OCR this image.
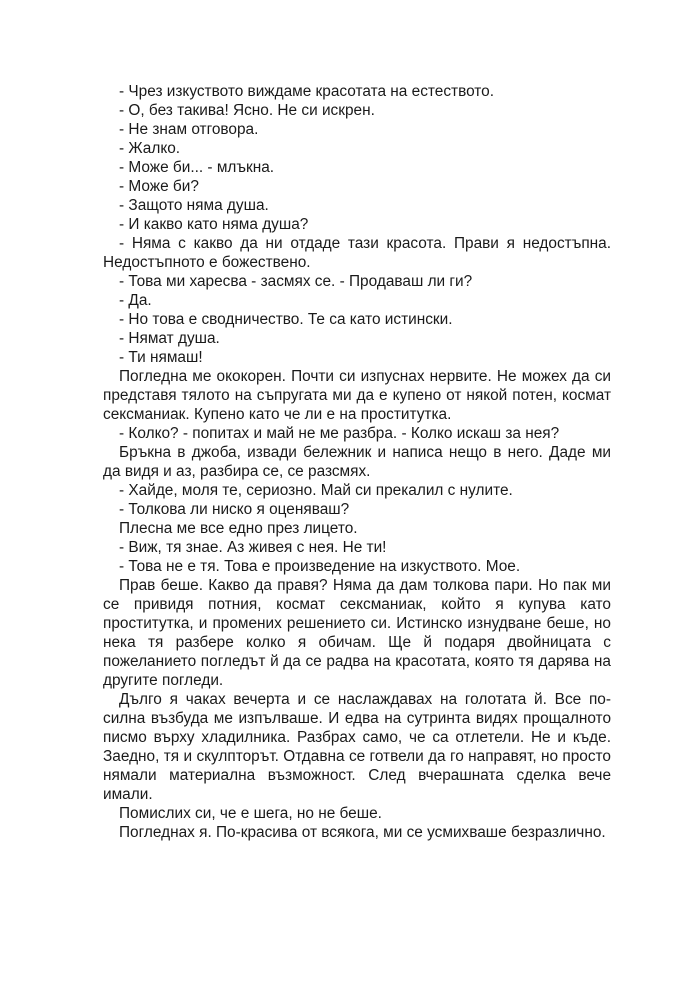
- Чрез изкуството виждаме красотата на естеството.

- О, без такива! Ясно. Не си искрен.

- Не знам отговора.

- Жалко.

- Може би... - млъкна.

- Може би?

- Защото няма душа.

- И какво като няма душа?

- Няма с какво да ни отдаде тази красота. Прави я недостъпна. Недостъпното е божествено.

- Това ми харесва - засмях се. - Продаваш ли ги?

- Да.

- Но това е сводничество. Те са като истински.

- Нямат душа.

- Ти нямаш!

Погледна ме ококорен. Почти си изпуснах нервите. Не можех да си представя тялото на съпругата ми да е купено от някой потен, космат сексманиак. Купено като че ли е на проститутка.

- Колко? - попитах и май не ме разбра. - Колко искаш за нея?

Бръкна в джоба, извади бележник и написа нещо в него. Даде ми да видя и аз, разбира се, се разсмях.

- Хайде, моля те, сериозно. Май си прекалил с нулите.

- Толкова ли ниско я оценяваш?

Плесна ме все едно през лицето.

- Виж, тя знае. Аз живея с нея. Не ти!

- Това не е тя. Това е произведение на изкуството. Мое.

Прав беше. Какво да правя? Няма да дам толкова пари. Но пак ми се привидя потния, космат сексманиак, който я купува като проститутка, и промених решението си. Истинско изнудване беше, но нека тя разбере колко я обичам. Ще й подаря двойницата с пожеланието погледът й да се радва на красотата, която тя дарява на другите погледи.

Дълго я чаках вечерта и се наслаждавах на голотата й. Все по-силна възбуда ме изпълваше. И едва на сутринта видях прощалното писмо върху хладилника. Разбрах само, че са отлетели. Не и къде. Заедно, тя и скулпторът. Отдавна се готвели да го направят, но просто нямали материална възможност. След вчерашната сделка вече имали.

Помислих си, че е шега, но не беше.

Погледнах я. По-красива от всякога, ми се усмихваше безразлично.
